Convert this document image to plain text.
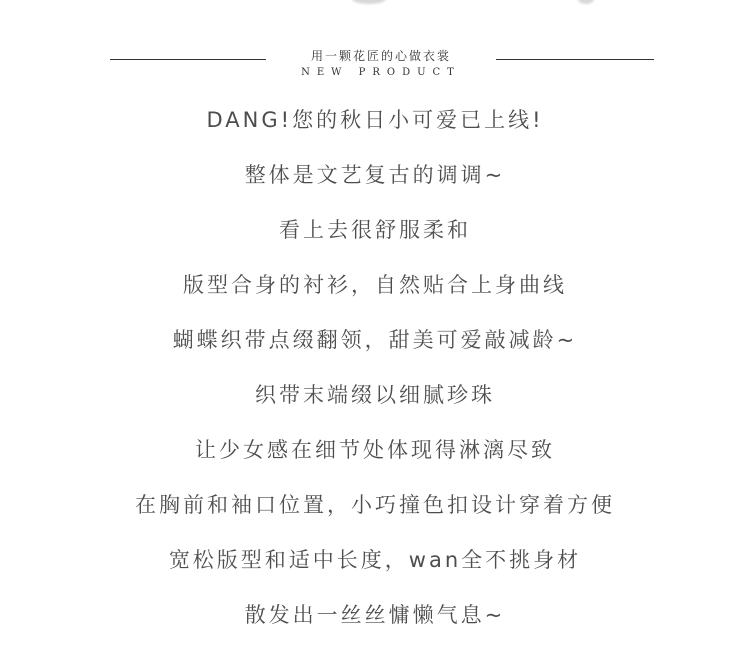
用一颗花匠的心做衣裳
NEW PRODUCT
DANG!您的秋日小可爱已上线!
整体是文艺复古的调调~
看上去很舒服柔和
版型合身的衬衫，自然贴合上身曲线
蝴蝶织带点缀翻领，甜美可爱敲减龄~
织带末端缀以细腻珍珠
让少女感在细节处体现得淋漓尽致
在胸前和袖口位置，小巧撞色扣设计穿着方便
宽松版型和适中长度，wan全不挑身材
散发出一丝丝慵懒气息~
